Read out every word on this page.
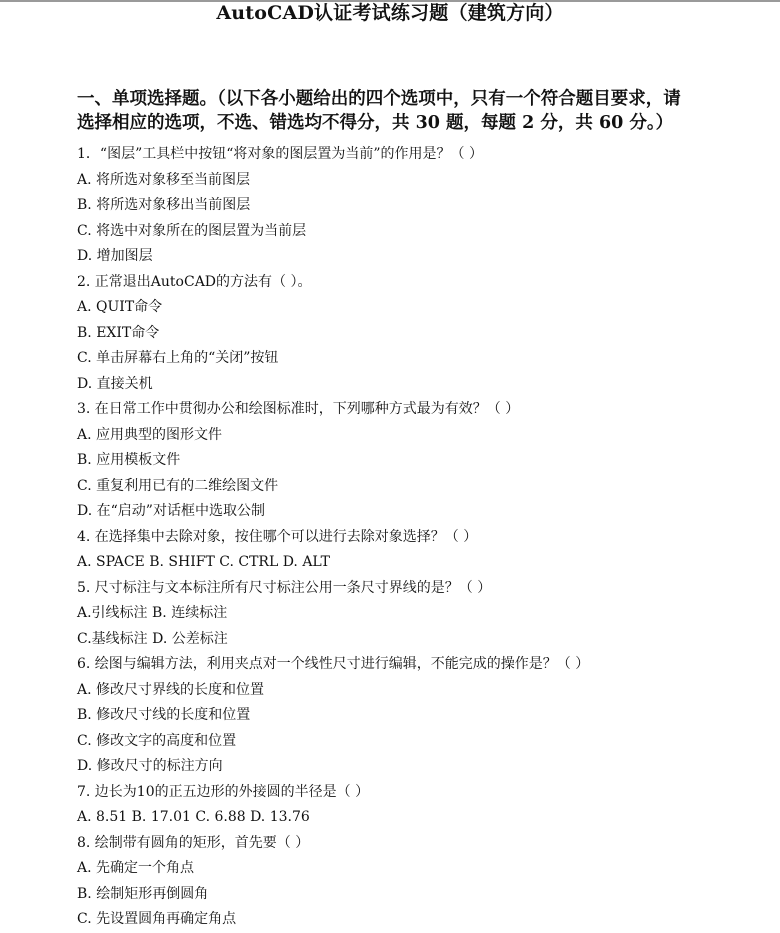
AutoCAD认证考试练习题（建筑方向）
一、单项选择题。（以下各小题给出的四个选项中，只有一个符合题目要求，请
选择相应的选项，不选、错选均不得分，共 30 题，每题 2 分，共 60 分。）
1．“图层”工具栏中按钮“将对象的图层置为当前”的作用是？（ ）
A. 将所选对象移至当前图层
B. 将所选对象移出当前图层
C. 将选中对象所在的图层置为当前层
D. 增加图层
2. 正常退出AutoCAD的方法有（ ）。
A. QUIT命令
B. EXIT命令
C. 单击屏幕右上角的“关闭”按钮
D. 直接关机
3. 在日常工作中贯彻办公和绘图标准时，下列哪种方式最为有效？（ ）
A. 应用典型的图形文件
B. 应用模板文件
C. 重复利用已有的二维绘图文件
D. 在“启动”对话框中选取公制
4. 在选择集中去除对象，按住哪个可以进行去除对象选择？（ ）
A. SPACE B. SHIFT C. CTRL D. ALT
5. 尺寸标注与文本标注所有尺寸标注公用一条尺寸界线的是？（ ）
A.引线标注 B. 连续标注
C.基线标注 D. 公差标注
6. 绘图与编辑方法，利用夹点对一个线性尺寸进行编辑，不能完成的操作是？（ ）
A. 修改尺寸界线的长度和位置
B. 修改尺寸线的长度和位置
C. 修改文字的高度和位置
D. 修改尺寸的标注方向
7. 边长为10的正五边形的外接圆的半径是（ ）
A. 8.51 B. 17.01 C. 6.88 D. 13.76
8. 绘制带有圆角的矩形，首先要（ ）
A. 先确定一个角点
B. 绘制矩形再倒圆角
C. 先设置圆角再确定角点
